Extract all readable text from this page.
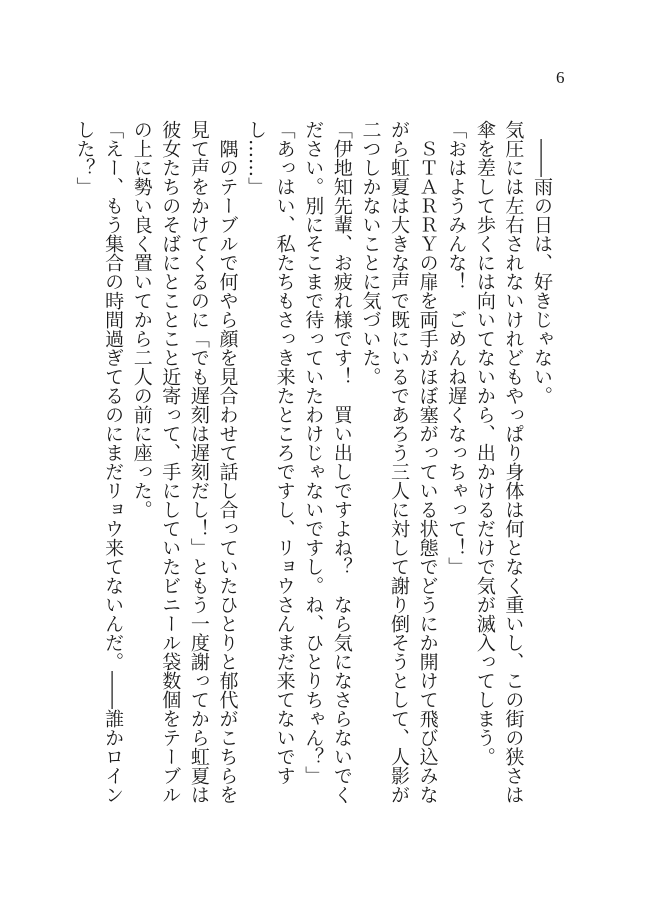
6

――雨の日は、好きじゃない。

気圧には左右されないけれどもやっぱり身体は何となく重いし、この街の狭さは傘を差して歩くには向いてないから、出かけるだけで気が滅入ってしまう。

「おはようみんな！　ごめんね遅くなっちゃって！」

ＳＴＡＲＲＹの扉を両手がほぼ塞がっている状態でどうにか開けて飛び込みながら虹夏は大きな声で既にいるであろう三人に対して謝り倒そうとして、人影が二つしかないことに気づいた。

「伊地知先輩、お疲れ様です！　買い出しですよね？　なら気になさらないでください。別にそこまで待っていたわけじゃないですし。ね、ひとりちゃん？」

「あっはい、私たちもさっき来たところですし、リョウさんまだ来てないですし……」

隅のテーブルで何やら顔を見合わせて話し合っていたひとりと郁代がこちらを見て声をかけてくるのに「でも遅刻は遅刻だし！」ともう一度謝ってから虹夏は彼女たちのそばにとことこと近寄って、手にしていたビニール袋数個をテーブルの上に勢い良く置いてから二人の前に座った。

「えー、もう集合の時間過ぎてるのにまだリョウ来てないんだ。――誰かロインした？」
